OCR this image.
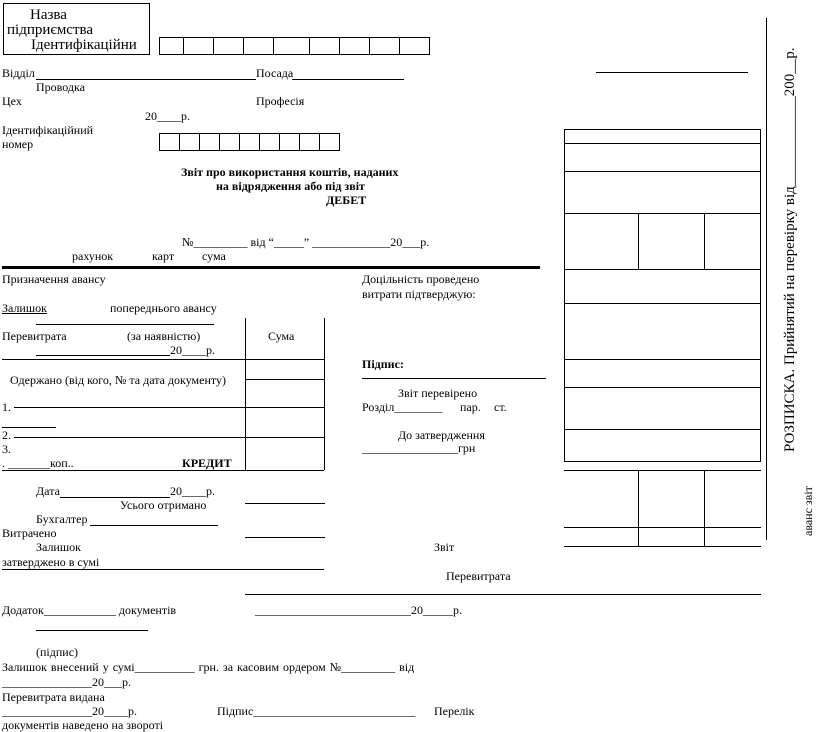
Назва
підприємства
Ідентифікаційни
Відділ	Посада
Проводка
Цех	Професія
20____р.
Ідентифікаційний
номер
Звіт про використання коштів, наданих
на відрядження або під звіт
ДЕБЕТ
№_________ від “_____” _____________20___р.
рахунок	карт сума
Призначення авансу
Залишок	попереднього авансу
Перевитрата	(за наявністю)	Сума
20____р.
Одержано (від кого, № та дата документу)
1.
2.
3.
. _______коп..	КРЕДИТ
Дата	20____р.
Усього отримано
Бухгалтер
Витрачено
Залишок
затверджено в сумі
Доцільність проведено
витрати підтверджую:
Підпис:
Звіт перевірено
Розділ________ пар. ст.
До затвердження
________________грн
Звіт
Перевитрата
РОЗПИСКА. Прийнятий на перевірку від____________200__р.
аванс звіт
Додаток____________ документів	__________________________20_____р.
(підпис)
Залишок внесений у сумі__________ грн. за касовим ордером №_________ від
_______________20___р.
Перевитрата видана
_______________20____р.	Підпис___________________________ Перелік
документів наведено на звороті
